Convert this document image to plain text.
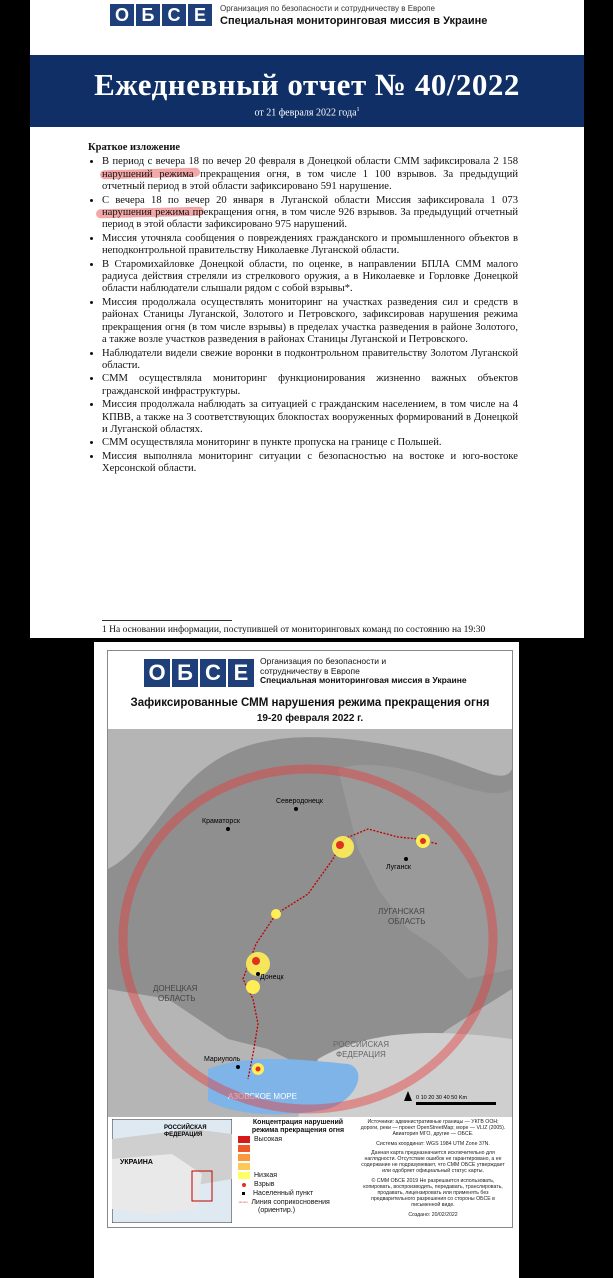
О Б С Е	Организация по безопасности и сотрудничеству в Европе
Специальная мониторинговая миссия в Украине
Ежедневный отчет № 40/2022
от 21 февраля 2022 года$^1$
Краткое изложение
• В период с вечера 18 по вечер 20 февраля в Донецкой области СММ зафиксировала 2 158 нарушений режима прекращения огня, в том числе 1 100 взрывов. За предыдущий отчетный период в этой области зафиксировано 591 нарушение.
• С вечера 18 по вечер 20 января в Луганской области Миссия зафиксировала 1 073 нарушения режима прекращения огня, в том числе 926 взрывов. За предыдущий отчетный период в этой области зафиксировано 975 нарушений.
• Миссия уточняла сообщения о повреждениях гражданского и промышленного объектов в неподконтрольной правительству Николаевке Луганской области.
• В Старомихайловке Донецкой области, по оценке, в направлении БПЛА СММ малого радиуса действия стреляли из стрелкового оружия, а в Николаевке и Горловке Донецкой области наблюдатели слышали рядом с собой взрывы*.
• Миссия продолжала осуществлять мониторинг на участках разведения сил и средств в районах Станицы Луганской, Золотого и Петровского, зафиксировав нарушения режима прекращения огня (в том числе взрывы) в пределах участка разведения в районе Золотого, а также возле участков разведения в районах Станицы Луганской и Петровского.
• Наблюдатели видели свежие воронки в подконтрольном правительству Золотом Луганской области.
• СММ осуществляла мониторинг функционирования жизненно важных объектов гражданской инфраструктуры.
• Миссия продолжала наблюдать за ситуацией с гражданским населением, в том числе на 4 КПВВ, а также на 3 соответствующих блокпостах вооруженных формирований в Донецкой и Луганской областях.
• СММ осуществляла мониторинг в пункте пропуска на границе с Польшей.
• Миссия выполняла мониторинг ситуации с безопасностью на востоке и юго-востоке Херсонской области.
1 На основании информации, поступившей от мониторинговых команд по состоянию на 19:30
О Б С Е	Организация по безопасности и
сотрудничеству в Европе
Специальная мониторинговая миссия в Украине
Зафиксированные СММ нарушения режима прекращения огня
19-20 февраля 2022 г.
Северодонецк
Краматорск
Луганск
Донецк
Мариуполь
ДОНЕЦКАЯ
ОБЛАСТЬ
ЛУГАНСКАЯ
ОБЛАСТЬ
РОССИЙСКАЯ
ФЕДЕРАЦИЯ
АЗОВСКОЕ МОРЕ	0 10 20 30 40 50 Km
РОССИЙСКАЯ
ФЕДЕРАЦИЯ
УКРАИНА
Концентрация нарушений
режима прекращения огня
Высокая
Низкая
Взрыв
Населенный пункт
······· Линия соприкосновения
(ориентир.)

Источники: административные границы — УКГВ ООН; дороги, реки — проект OpenStreetMap; море — VLIZ (2005). Авиатория МГО, другие — ОБСЕ.

Система координат: WGS 1984 UTM Zone 37N.

Данная карта предназначается исключительно для наглядности. Отсутствие ошибок не гарантировано, а ее содержание не подразумевает, что СММ ОБСЕ утверждает или одобряет официальный статус карты.

© СММ ОБСЕ 2019 Не разрешается использовать, копировать, воспроизводить, передавать, транслировать, продавать, лицензировать или применять без предварительного разрешения со стороны ОБСЕ в письменной виде.

Создано: 20/02/2022
